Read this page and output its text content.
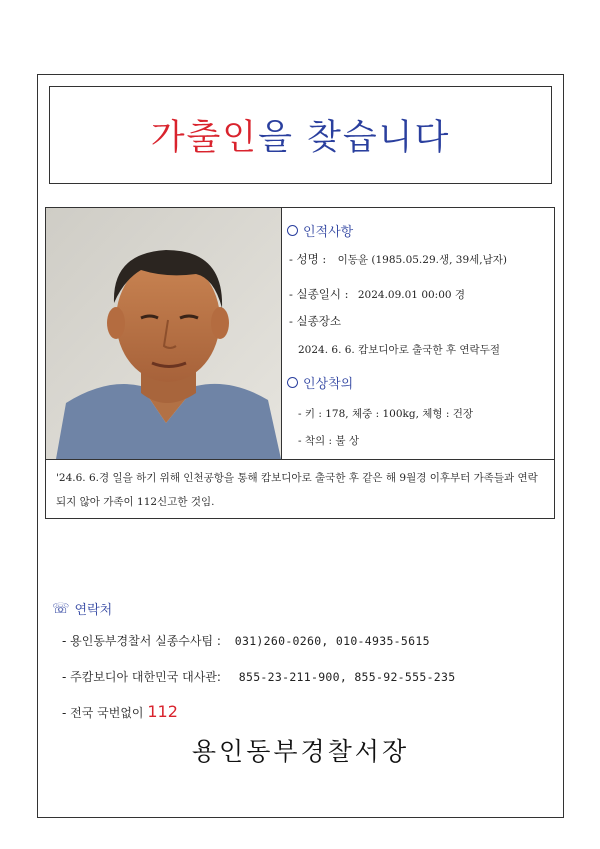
가출인 을 찾습니다
인적사항
- 성명 : 이동윤 (1985.05.29.생, 39세,남자)
- 실종일시 : 2024.09.01 00:00 경
- 실종장소
2024. 6. 6. 캄보디아로 출국한 후 연락두절
인상착의
- 키 : 178, 체중 : 100kg, 체형 : 건장
- 착의 : 불 상
'24.6. 6.경 일을 하기 위해 인천공항을 통해 캄보디아로 출국한 후 같은 해 9월경 이후부터 가족들과 연락되지 않아 가족이 112신고한 것임.
☏ 연락처
- 용인동부경찰서 실종수사팀 : 031)260-0260, 010-4935-5615
- 주캄보디아 대한민국 대사관: 855-23-211-900, 855-92-555-235
- 전국 국번없이 112
용인동부경찰서장
